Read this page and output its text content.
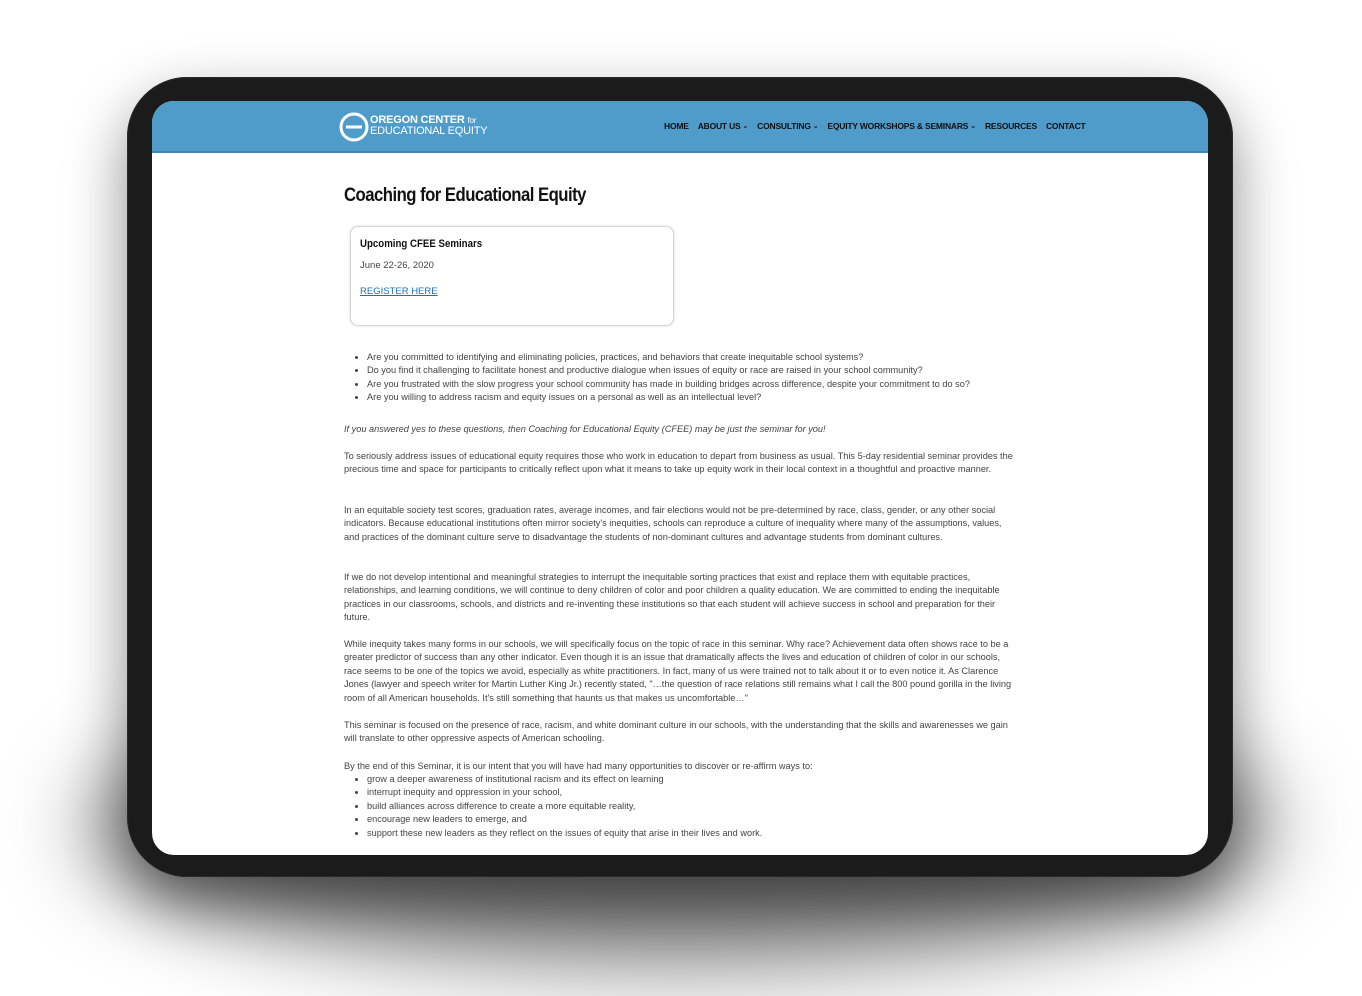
OREGON CENTER for
EDUCATIONAL EQUITY	HOME ABOUT US ⌄ CONSULTING ⌄ EQUITY WORKSHOPS & SEMINARS ⌄ RESOURCES CONTACT
Coaching for Educational Equity
Upcoming CFEE Seminars
June 22-26, 2020
REGISTER HERE
• Are you committed to identifying and eliminating policies, practices, and behaviors that create inequitable school systems?
• Do you find it challenging to facilitate honest and productive dialogue when issues of equity or race are raised in your school community?
• Are you frustrated with the slow progress your school community has made in building bridges across difference, despite your commitment to do so?
• Are you willing to address racism and equity issues on a personal as well as an intellectual level?

If you answered yes to these questions, then Coaching for Educational Equity (CFEE) may be just the seminar for you!

To seriously address issues of educational equity requires those who work in education to depart from business as usual. This 5-day residential seminar provides the precious time and space for participants to critically reflect upon what it means to take up equity work in their local context in a thoughtful and proactive manner.

In an equitable society test scores, graduation rates, average incomes, and fair elections would not be pre-determined by race, class, gender, or any other social indicators. Because educational institutions often mirror society's inequities, schools can reproduce a culture of inequality where many of the assumptions, values, and practices of the dominant culture serve to disadvantage the students of non-dominant cultures and advantage students from dominant cultures.

If we do not develop intentional and meaningful strategies to interrupt the inequitable sorting practices that exist and replace them with equitable practices, relationships, and learning conditions, we will continue to deny children of color and poor children a quality education. We are committed to ending the inequitable practices in our classrooms, schools, and districts and re-inventing these institutions so that each student will achieve success in school and preparation for their future.

While inequity takes many forms in our schools, we will specifically focus on the topic of race in this seminar. Why race? Achievement data often shows race to be a greater predictor of success than any other indicator. Even though it is an issue that dramatically affects the lives and education of children of color in our schools, race seems to be one of the topics we avoid, especially as white practitioners. In fact, many of us were trained not to talk about it or to even notice it. As Clarence Jones (lawyer and speech writer for Martin Luther King Jr.) recently stated, "…the question of race relations still remains what I call the 800 pound gorilla in the living room of all American households. It's still something that haunts us that makes us uncomfortable…"

This seminar is focused on the presence of race, racism, and white dominant culture in our schools, with the understanding that the skills and awarenesses we gain will translate to other oppressive aspects of American schooling.

By the end of this Seminar, it is our intent that you will have had many opportunities to discover or re-affirm ways to:

• grow a deeper awareness of institutional racism and its effect on learning
• interrupt inequity and oppression in your school,
• build alliances across difference to create a more equitable reality,
• encourage new leaders to emerge, and
• support these new leaders as they reflect on the issues of equity that arise in their lives and work.
